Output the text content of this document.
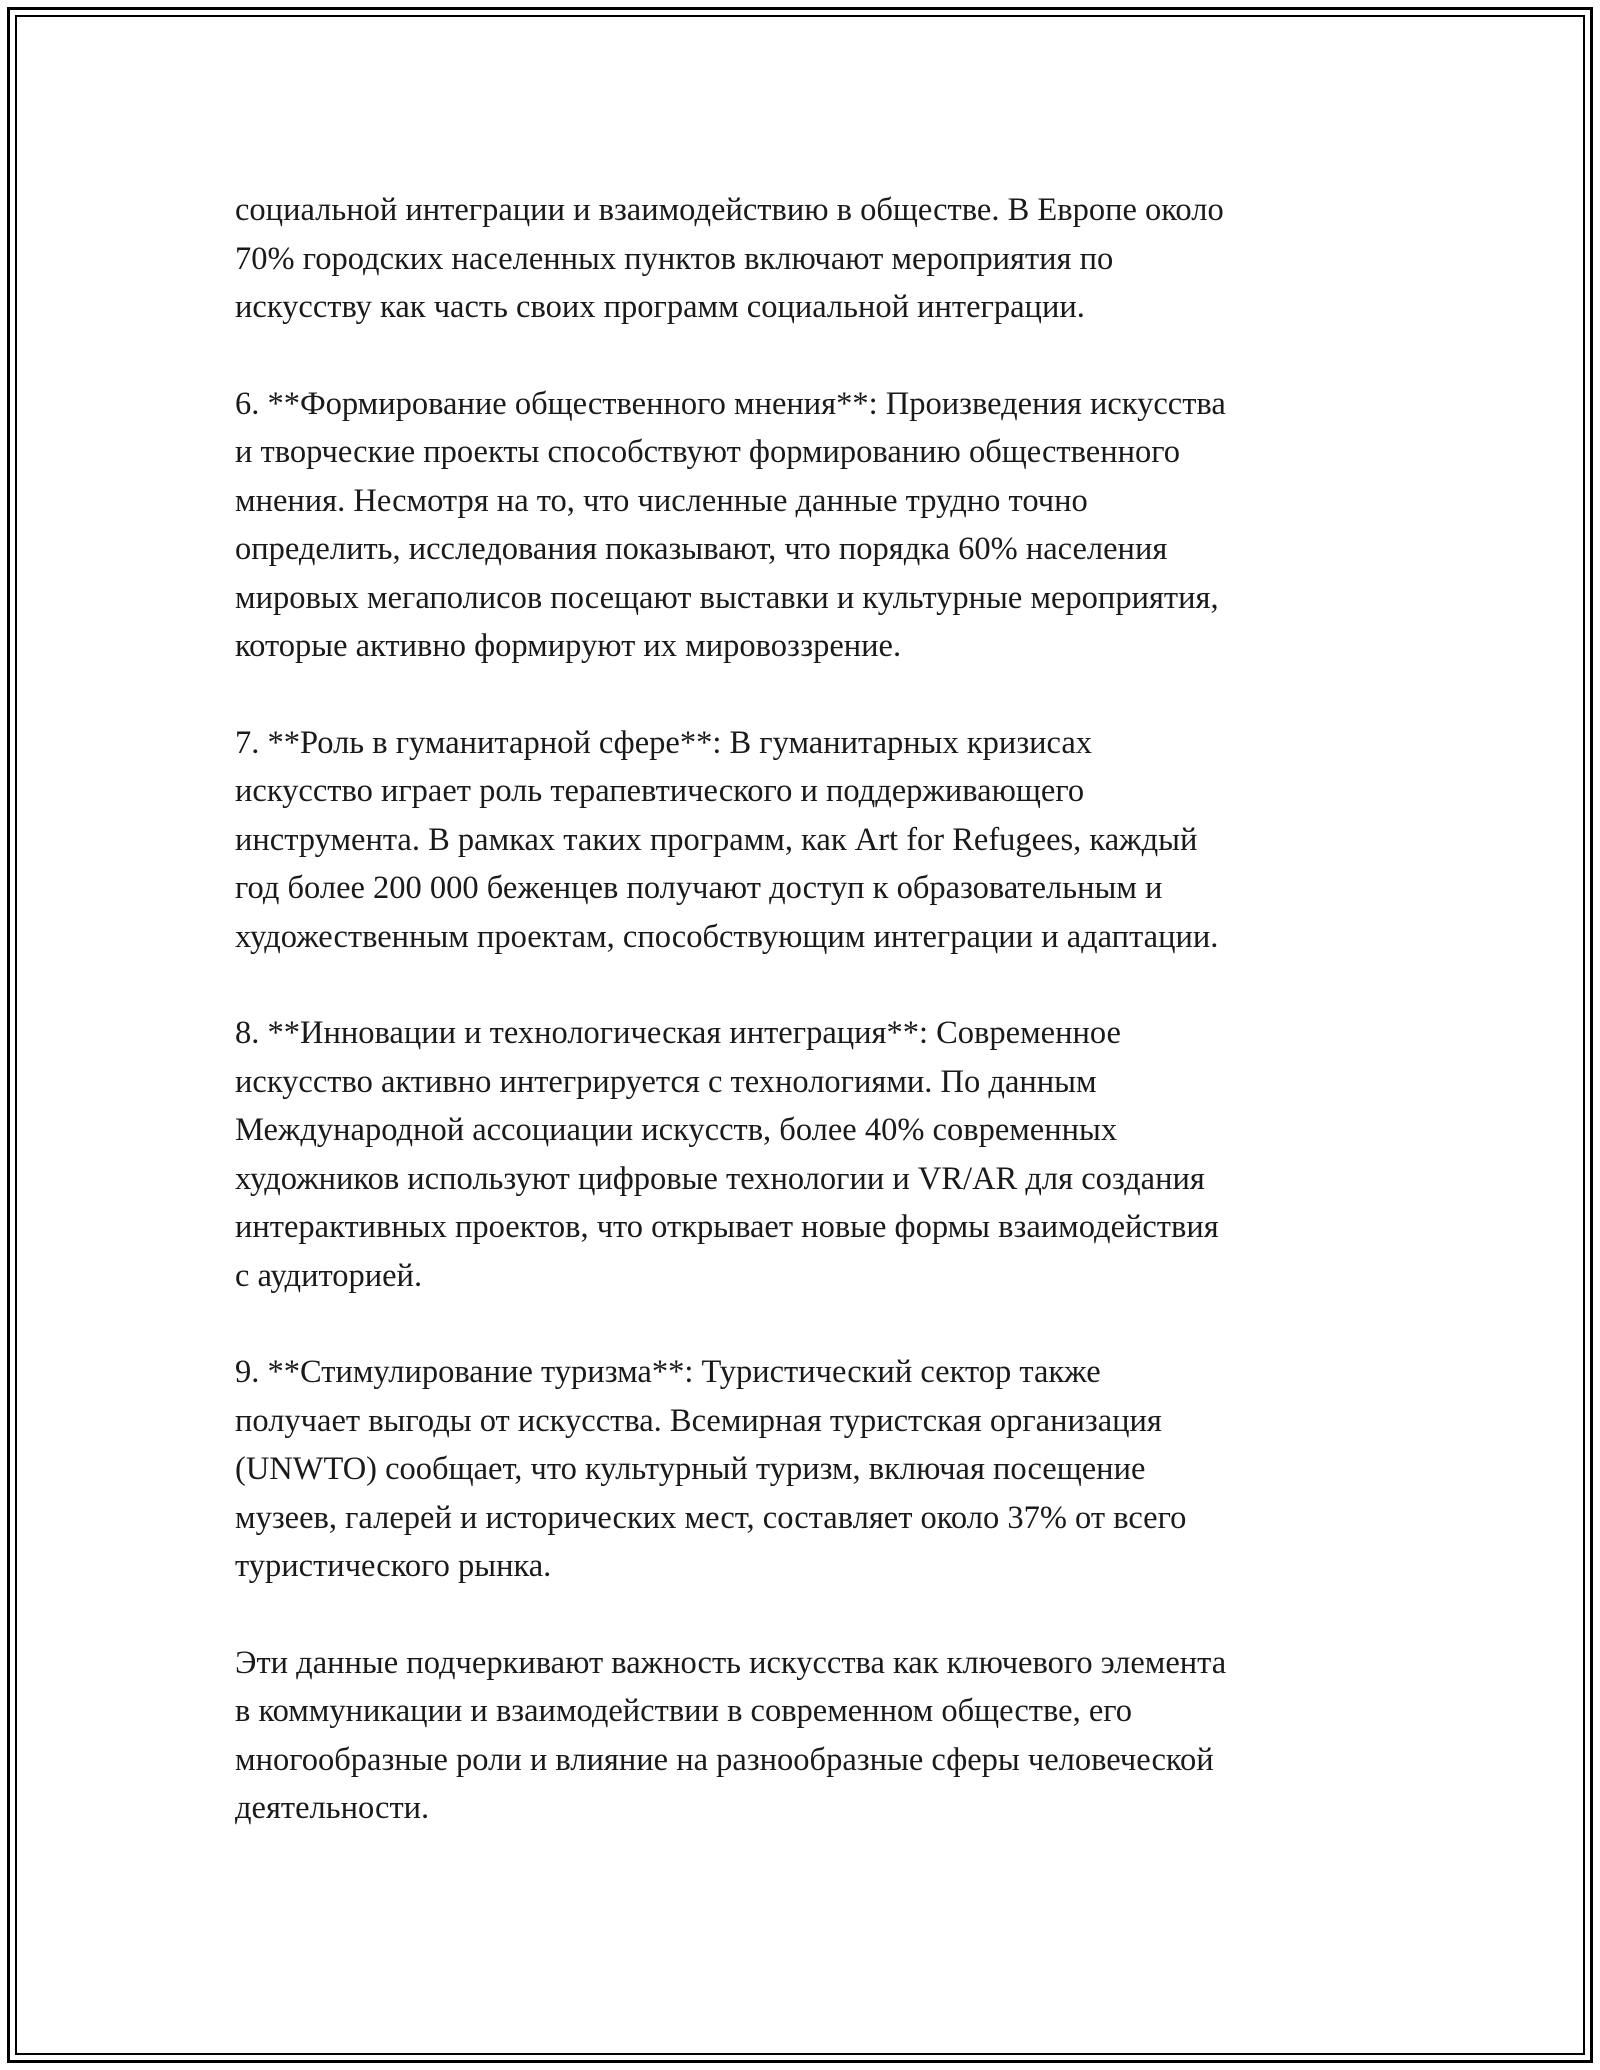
социальной интеграции и взаимодействию в обществе. В Европе около
70% городских населенных пунктов включают мероприятия по
искусству как часть своих программ социальной интеграции.

6. **Формирование общественного мнения**: Произведения искусства
и творческие проекты способствуют формированию общественного
мнения. Несмотря на то, что численные данные трудно точно
определить, исследования показывают, что порядка 60% населения
мировых мегаполисов посещают выставки и культурные мероприятия,
которые активно формируют их мировоззрение.

7. **Роль в гуманитарной сфере**: В гуманитарных кризисах
искусство играет роль терапевтического и поддерживающего
инструмента. В рамках таких программ, как Art for Refugees, каждый
год более 200 000 беженцев получают доступ к образовательным и
художественным проектам, способствующим интеграции и адаптации.

8. **Инновации и технологическая интеграция**: Современное
искусство активно интегрируется с технологиями. По данным
Международной ассоциации искусств, более 40% современных
художников используют цифровые технологии и VR/AR для создания
интерактивных проектов, что открывает новые формы взаимодействия
с аудиторией.

9. **Стимулирование туризма**: Туристический сектор также
получает выгоды от искусства. Всемирная туристская организация
(UNWTO) сообщает, что культурный туризм, включая посещение
музеев, галерей и исторических мест, составляет около 37% от всего
туристического рынка.

Эти данные подчеркивают важность искусства как ключевого элемента
в коммуникации и взаимодействии в современном обществе, его
многообразные роли и влияние на разнообразные сферы человеческой
деятельности.
